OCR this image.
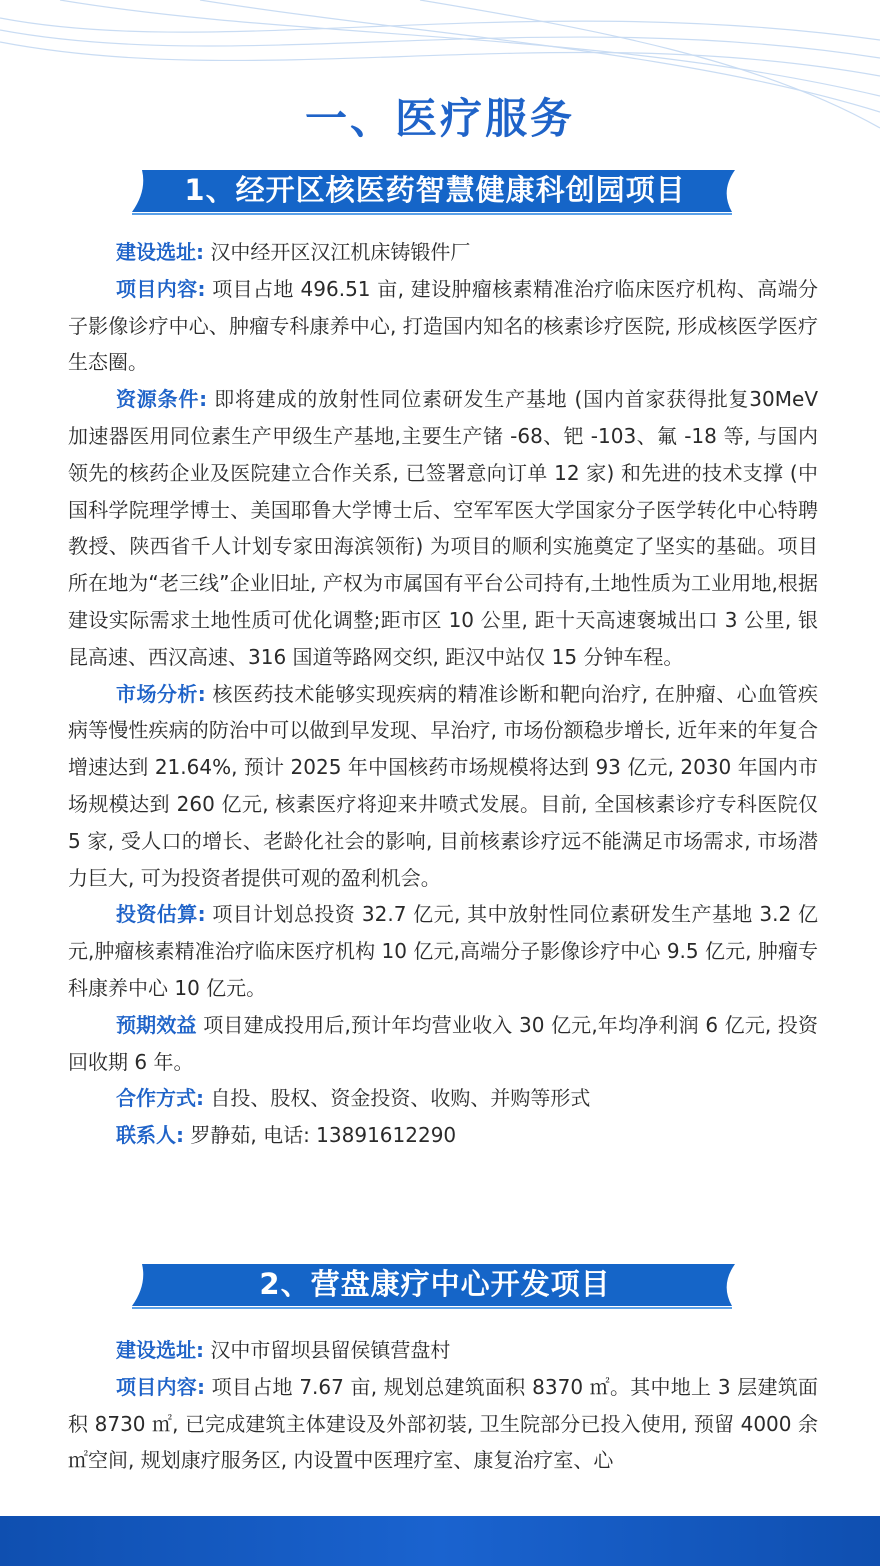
一、医疗服务
1、经开区核医药智慧健康科创园项目

建设选址: 汉中经开区汉江机床铸锻件厂

项目内容: 项目占地 496.51 亩, 建设肿瘤核素精准治疗临床医疗机构、高端分子影像诊疗中心、肿瘤专科康养中心, 打造国内知名的核素诊疗医院, 形成核医学医疗生态圈。

资源条件: 即将建成的放射性同位素研发生产基地 (国内首家获得批复30MeV 加速器医用同位素生产甲级生产基地,主要生产锗 -68、钯 -103、氟 -18 等, 与国内领先的核药企业及医院建立合作关系, 已签署意向订单 12 家) 和先进的技术支撑 (中国科学院理学博士、美国耶鲁大学博士后、空军军医大学国家分子医学转化中心特聘教授、陕西省千人计划专家田海滨领衔) 为项目的顺利实施奠定了坚实的基础。项目所在地为“老三线”企业旧址, 产权为市属国有平台公司持有,土地性质为工业用地,根据建设实际需求土地性质可优化调整;距市区 10 公里, 距十天高速褒城出口 3 公里, 银昆高速、西汉高速、316 国道等路网交织, 距汉中站仅 15 分钟车程。

市场分析: 核医药技术能够实现疾病的精准诊断和靶向治疗, 在肿瘤、心血管疾病等慢性疾病的防治中可以做到早发现、早治疗, 市场份额稳步增长, 近年来的年复合增速达到 21.64%, 预计 2025 年中国核药市场规模将达到 93 亿元, 2030 年国内市场规模达到 260 亿元, 核素医疗将迎来井喷式发展。目前, 全国核素诊疗专科医院仅 5 家, 受人口的增长、老龄化社会的影响, 目前核素诊疗远不能满足市场需求, 市场潜力巨大, 可为投资者提供可观的盈利机会。

投资估算: 项目计划总投资 32.7 亿元, 其中放射性同位素研发生产基地 3.2 亿元,肿瘤核素精准治疗临床医疗机构 10 亿元,高端分子影像诊疗中心 9.5 亿元, 肿瘤专科康养中心 10 亿元。

预期效益 项目建成投用后,预计年均营业收入 30 亿元,年均净利润 6 亿元, 投资回收期 6 年。

合作方式: 自投、股权、资金投资、收购、并购等形式

联系人: 罗静茹, 电话: 13891612290

2、营盘康疗中心开发项目

建设选址: 汉中市留坝县留侯镇营盘村

项目内容: 项目占地 7.67 亩, 规划总建筑面积 8370 ㎡。其中地上 3 层建筑面积 8730 ㎡, 已完成建筑主体建设及外部初装, 卫生院部分已投入使用, 预留 4000 余㎡空间, 规划康疗服务区, 内设置中医理疗室、康复治疗室、心
